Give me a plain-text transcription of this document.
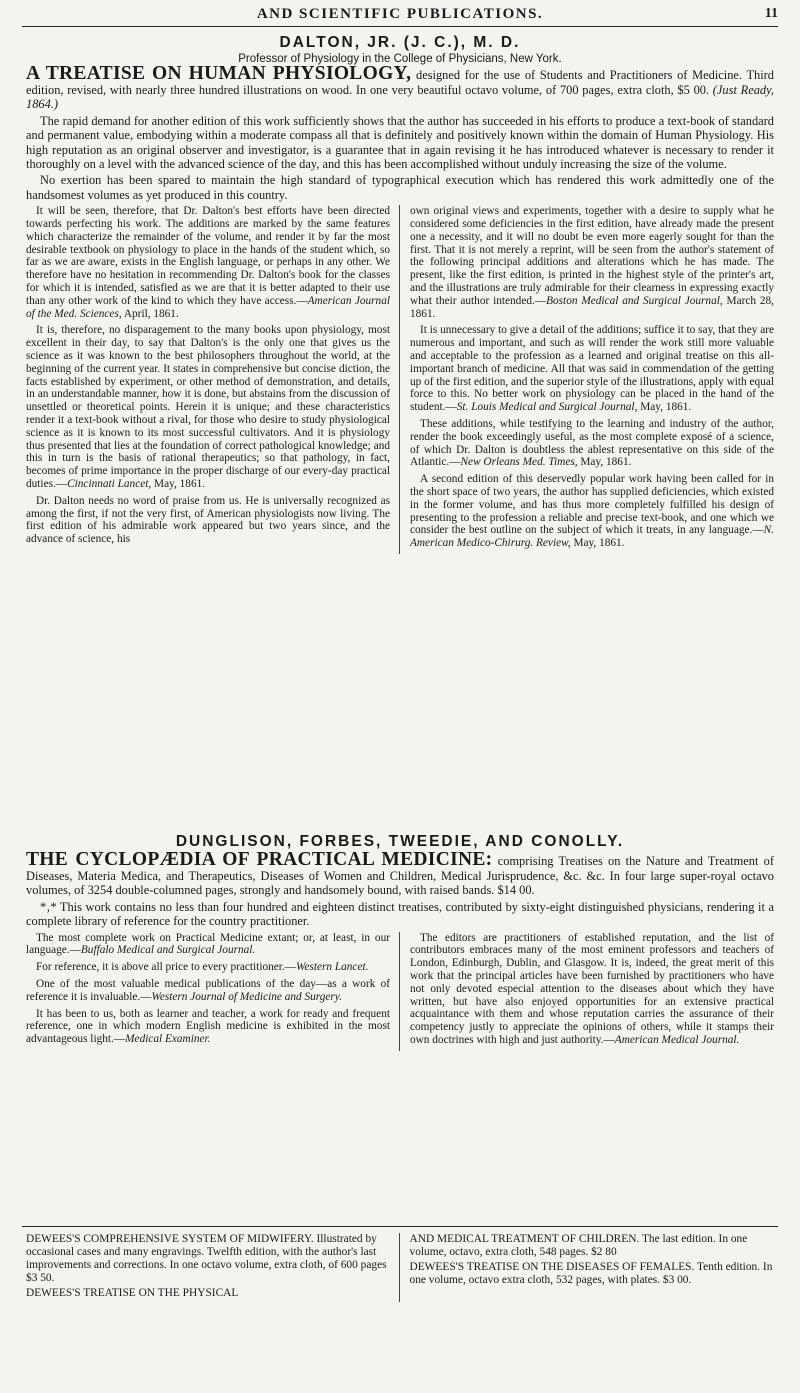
AND SCIENTIFIC PUBLICATIONS.	11
DALTON, JR. (J. C.), M. D.

Professor of Physiology in the College of Physicians, New York.

A TREATISE ON HUMAN PHYSIOLOGY, designed for the use of Students and Practitioners of Medicine. Third edition, revised, with nearly three hundred illustrations on wood. In one very beautiful octavo volume, of 700 pages, extra cloth, $5 00. (Just Ready, 1864.)

The rapid demand for another edition of this work sufficiently shows that the author has succeeded in his efforts to produce a text-book of standard and permanent value, embodying within a moderate compass all that is definitely and positively known within the domain of Human Physiology. His high reputation as an original observer and investigator, is a guarantee that in again revising it he has introduced whatever is necessary to render it thoroughly on a level with the advanced science of the day, and this has been accomplished without unduly increasing the size of the volume.

No exertion has been spared to maintain the high standard of typographical execution which has rendered this work admittedly one of the handsomest volumes as yet produced in this country.

It will be seen, therefore, that Dr. Dalton's best efforts have been directed towards perfecting his work. The additions are marked by the same features which characterize the remainder of the volume, and render it by far the most desirable textbook on physiology to place in the hands of the student which, so far as we are aware, exists in the English language, or perhaps in any other. We therefore have no hesitation in recommending Dr. Dalton's book for the classes for which it is intended, satisfied as we are that it is better adapted to their use than any other work of the kind to which they have access.—American Journal of the Med. Sciences, April, 1861.

It is, therefore, no disparagement to the many books upon physiology, most excellent in their day, to say that Dalton's is the only one that gives us the science as it was known to the best philosophers throughout the world, at the beginning of the current year. It states in comprehensive but concise diction, the facts established by experiment, or other method of demonstration, and details, in an understandable manner, how it is done, but abstains from the discussion of unsettled or theoretical points. Herein it is unique; and these characteristics render it a text-book without a rival, for those who desire to study physiological science as it is known to its most successful cultivators. And it is physiology thus presented that lies at the foundation of correct pathological knowledge; and this in turn is the basis of rational therapeutics; so that pathology, in fact, becomes of prime importance in the proper discharge of our every-day practical duties.—Cincinnati Lancet, May, 1861.

Dr. Dalton needs no word of praise from us. He is universally recognized as among the first, if not the very first, of American physiologists now living. The first edition of his admirable work appeared but two years since, and the advance of science, his

own original views and experiments, together with a desire to supply what he considered some deficiencies in the first edition, have already made the present one a necessity, and it will no doubt be even more eagerly sought for than the first. That it is not merely a reprint, will be seen from the author's statement of the following principal additions and alterations which he has made. The present, like the first edition, is printed in the highest style of the printer's art, and the illustrations are truly admirable for their clearness in expressing exactly what their author intended.—Boston Medical and Surgical Journal, March 28, 1861.

It is unnecessary to give a detail of the additions; suffice it to say, that they are numerous and important, and such as will render the work still more valuable and acceptable to the profession as a learned and original treatise on this all-important branch of medicine. All that was said in commendation of the getting up of the first edition, and the superior style of the illustrations, apply with equal force to this. No better work on physiology can be placed in the hand of the student.—St. Louis Medical and Surgical Journal, May, 1861.

These additions, while testifying to the learning and industry of the author, render the book exceedingly useful, as the most complete exposé of a science, of which Dr. Dalton is doubtless the ablest representative on this side of the Atlantic.—New Orleans Med. Times, May, 1861.

A second edition of this deservedly popular work having been called for in the short space of two years, the author has supplied deficiencies, which existed in the former volume, and has thus more completely fulfilled his design of presenting to the profession a reliable and precise text-book, and one which we consider the best outline on the subject of which it treats, in any language.—N. American Medico-Chirurg. Review, May, 1861.

DUNGLISON, FORBES, TWEEDIE, AND CONOLLY.

THE CYCLOPÆDIA OF PRACTICAL MEDICINE: comprising Treatises on the Nature and Treatment of Diseases, Materia Medica, and Therapeutics, Diseases of Women and Children, Medical Jurisprudence, &c. &c. In four large super-royal octavo volumes, of 3254 double-columned pages, strongly and handsomely bound, with raised bands. $14 00.

*‚* This work contains no less than four hundred and eighteen distinct treatises, contributed by sixty-eight distinguished physicians, rendering it a complete library of reference for the country practitioner.

The most complete work on Practical Medicine extant; or, at least, in our language.—Buffalo Medical and Surgical Journal.

For reference, it is above all price to every practitioner.—Western Lancet.

One of the most valuable medical publications of the day—as a work of reference it is invaluable.—Western Journal of Medicine and Surgery.

It has been to us, both as learner and teacher, a work for ready and frequent reference, one in which modern English medicine is exhibited in the most advantageous light.—Medical Examiner.

The editors are practitioners of established reputation, and the list of contributors embraces many of the most eminent professors and teachers of London, Edinburgh, Dublin, and Glasgow. It is, indeed, the great merit of this work that the principal articles have been furnished by practitioners who have not only devoted especial attention to the diseases about which they have written, but have also enjoyed opportunities for an extensive practical acquaintance with them and whose reputation carries the assurance of their competency justly to appreciate the opinions of others, while it stamps their own doctrines with high and just authority.—American Medical Journal.

DEWEES'S COMPREHENSIVE SYSTEM OF MIDWIFERY. Illustrated by occasional cases and many engravings. Twelfth edition, with the author's last improvements and corrections. In one octavo volume, extra cloth, of 600 pages $3 50.

DEWEES'S TREATISE ON THE PHYSICAL

AND MEDICAL TREATMENT OF CHILDREN. The last edition. In one volume, octavo, extra cloth, 548 pages. $2 80

DEWEES'S TREATISE ON THE DISEASES OF FEMALES. Tenth edition. In one volume, octavo extra cloth, 532 pages, with plates. $3 00.
